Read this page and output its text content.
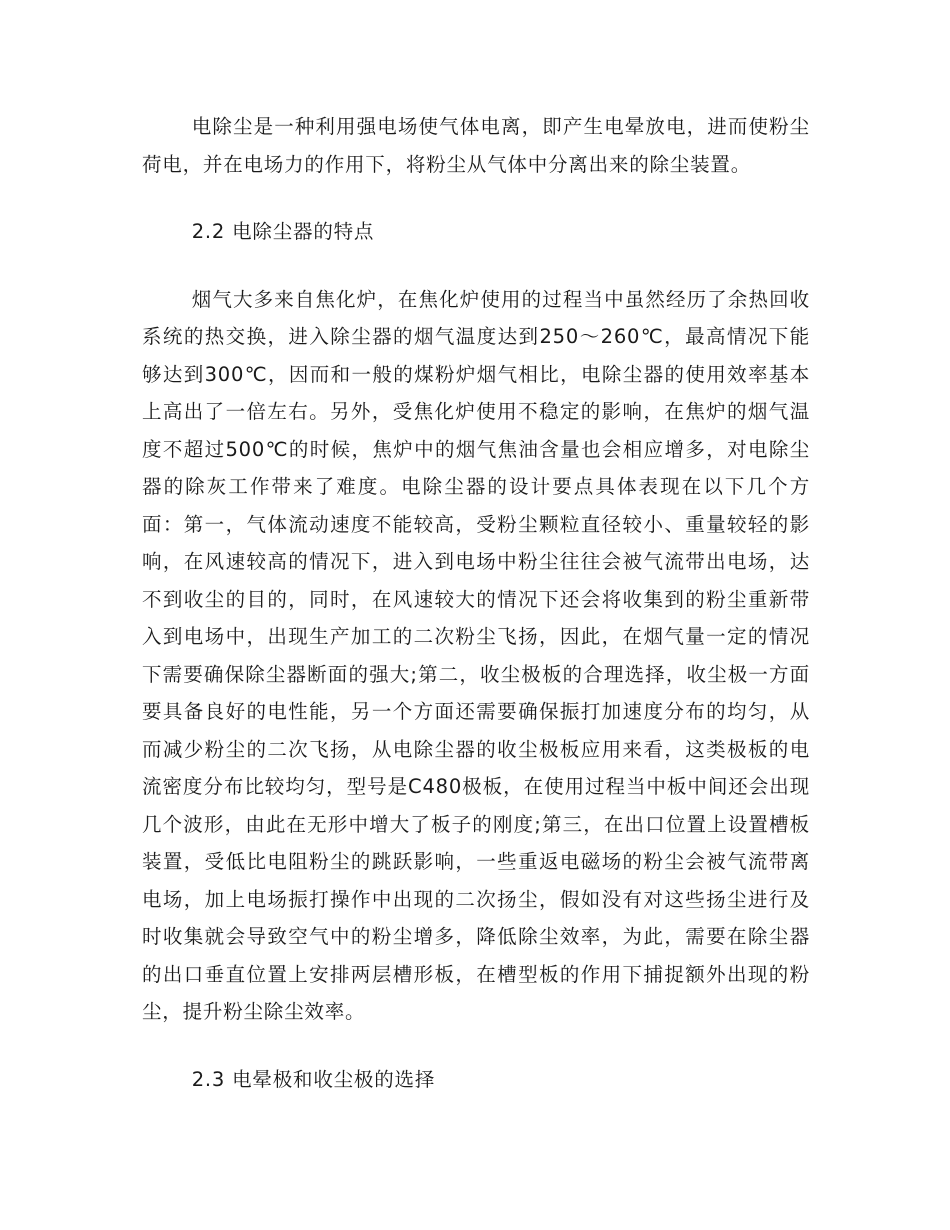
电除尘是一种利用强电场使气体电离，即产生电晕放电，进而使粉尘荷电，并在电场力的作用下，将粉尘从气体中分离出来的除尘装置。

2.2 电除尘器的特点

烟气大多来自焦化炉，在焦化炉使用的过程当中虽然经历了余热回收系统的热交换，进入除尘器的烟气温度达到250～260℃，最高情况下能够达到300℃，因而和一般的煤粉炉烟气相比，电除尘器的使用效率基本上高出了一倍左右。另外，受焦化炉使用不稳定的影响，在焦炉的烟气温度不超过500℃的时候，焦炉中的烟气焦油含量也会相应增多，对电除尘器的除灰工作带来了难度。电除尘器的设计要点具体表现在以下几个方面：第一，气体流动速度不能较高，受粉尘颗粒直径较小、重量较轻的影响，在风速较高的情况下，进入到电场中粉尘往往会被气流带出电场，达不到收尘的目的，同时，在风速较大的情况下还会将收集到的粉尘重新带入到电场中，出现生产加工的二次粉尘飞扬，因此，在烟气量一定的情况下需要确保除尘器断面的强大;第二，收尘极板的合理选择，收尘极一方面要具备良好的电性能，另一个方面还需要确保振打加速度分布的均匀，从而减少粉尘的二次飞扬，从电除尘器的收尘极板应用来看，这类极板的电流密度分布比较均匀，型号是C480极板，在使用过程当中板中间还会出现几个波形，由此在无形中增大了板子的刚度;第三，在出口位置上设置槽板装置，受低比电阻粉尘的跳跃影响，一些重返电磁场的粉尘会被气流带离电场，加上电场振打操作中出现的二次扬尘，假如没有对这些扬尘进行及时收集就会导致空气中的粉尘增多，降低除尘效率，为此，需要在除尘器的出口垂直位置上安排两层槽形板，在槽型板的作用下捕捉额外出现的粉尘，提升粉尘除尘效率。

2.3 电晕极和收尘极的选择
